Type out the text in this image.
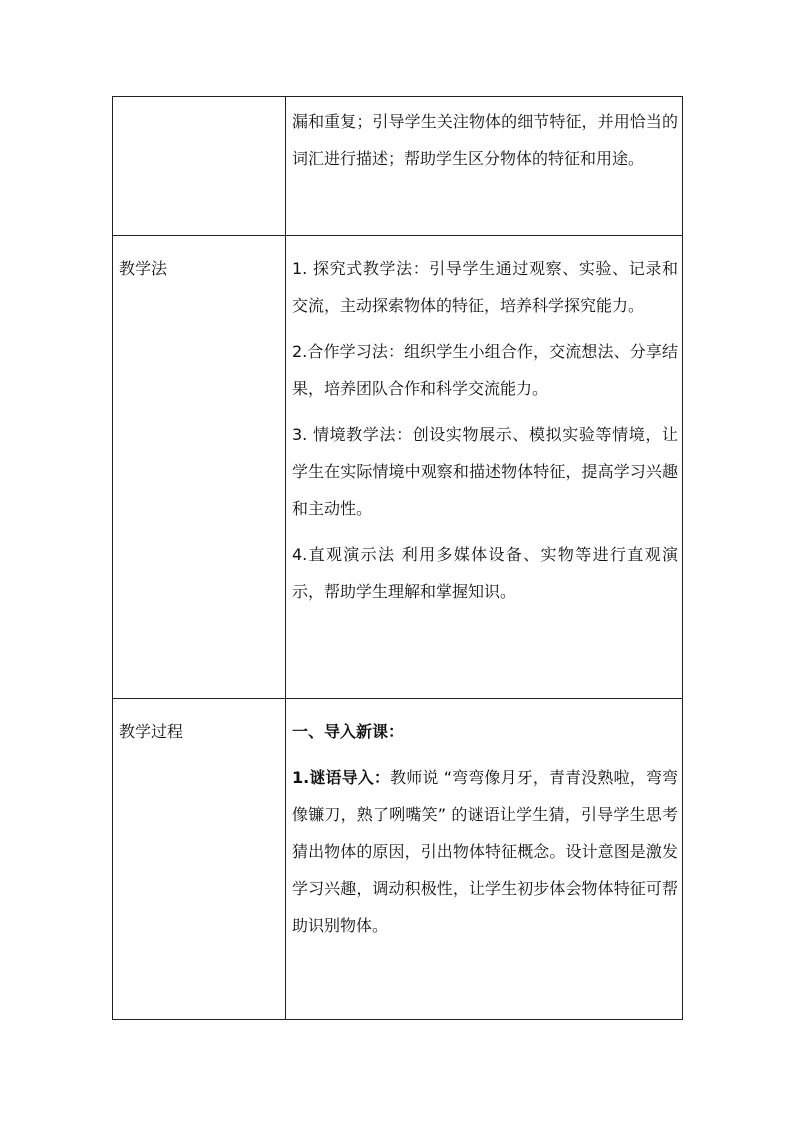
	漏和重复；引导学生关注物体的细节特征，并用恰当的词汇进行描述；帮助学生区分物体的特征和用途。

教学法	1. 探究式教学法：引导学生通过观察、实验、记录和交流，主动探索物体的特征，培养科学探究能力。

2.合作学习法：组织学生小组合作，交流想法、分享结果，培养团队合作和科学交流能力。

3. 情境教学法：创设实物展示、模拟实验等情境，让学生在实际情境中观察和描述物体特征，提高学习兴趣和主动性。

4.直观演示法 利用多媒体设备、实物等进行直观演示，帮助学生理解和掌握知识。

教学过程	一、导入新课：

1.谜语导入：教师说 “弯弯像月牙，青青没熟啦，弯弯像镰刀，熟了咧嘴笑” 的谜语让学生猜，引导学生思考猜出物体的原因，引出物体特征概念。设计意图是激发学习兴趣，调动积极性，让学生初步体会物体特征可帮助识别物体。
